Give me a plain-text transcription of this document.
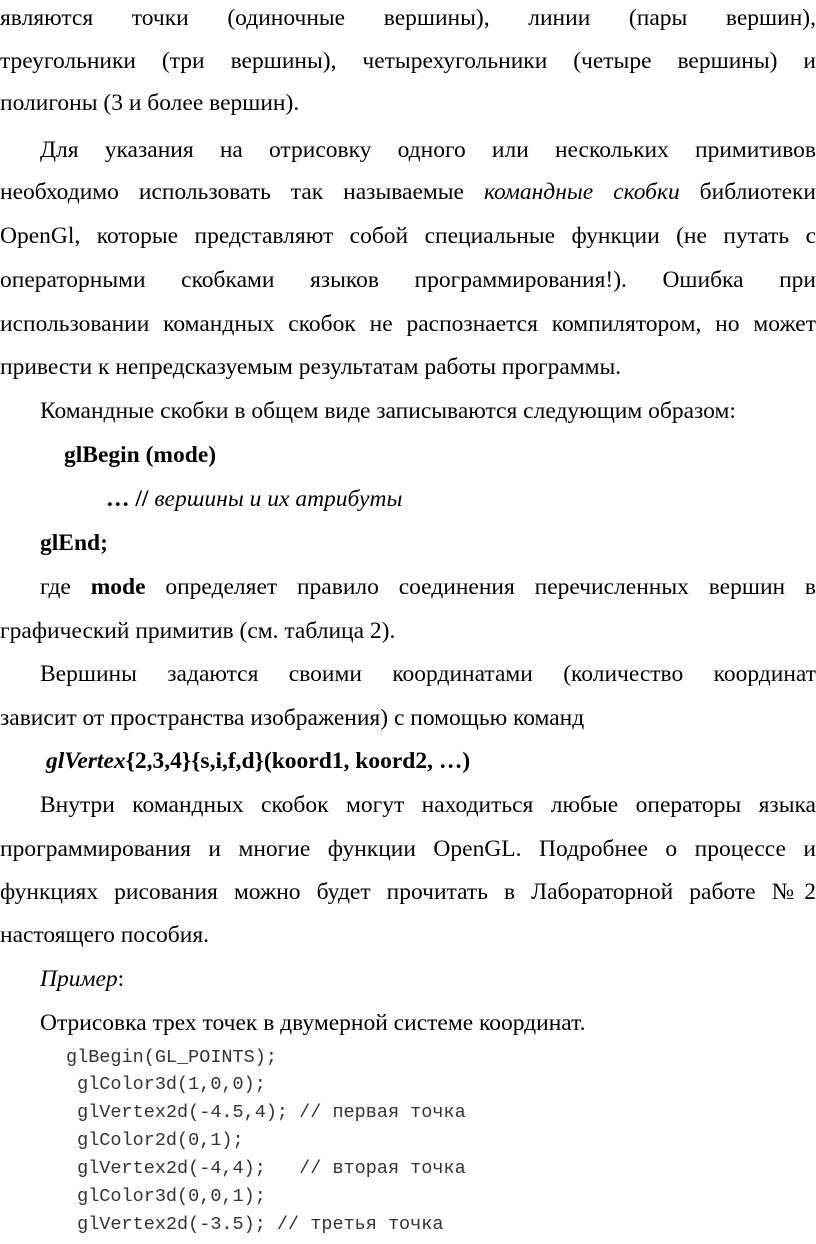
являются точки (одиночные вершины), линии (пары вершин),
треугольники (три вершины), четырехугольники (четыре вершины) и
полигоны (3 и более вершин).
Для указания на отрисовку одного или нескольких примитивов
необходимо использовать так называемые командные скобки библиотеки
OpenGl, которые представляют собой специальные функции (не путать с
операторными скобками языков программирования!). Ошибка при
использовании командных скобок не распознается компилятором, но может
привести к непредсказуемым результатам работы программы.
Командные скобки в общем виде записываются следующим образом:
glBegin (mode)
… // вершины и их атрибуты
glEnd;
где mode определяет правило соединения перечисленных вершин в
графический примитив (см. таблица 2).
Вершины задаются своими координатами (количество координат
зависит от пространства изображения) с помощью команд
glVertex{2,3,4}{s,i,f,d}(koord1, koord2, …)
Внутри командных скобок могут находиться любые операторы языка
программирования и многие функции OpenGL. Подробнее о процессе и
функциях рисования можно будет прочитать в Лабораторной работе №2
настоящего пособия.
Пример:
Отрисовка трех точек в двумерной системе координат.
glBegin(GL_POINTS);
glColor3d(1,0,0);
glVertex2d(-4.5,4); // первая точка
glColor2d(0,1);
glVertex2d(-4,4);   // вторая точка
glColor3d(0,0,1);
glVertex2d(-3.5); // третья точка
